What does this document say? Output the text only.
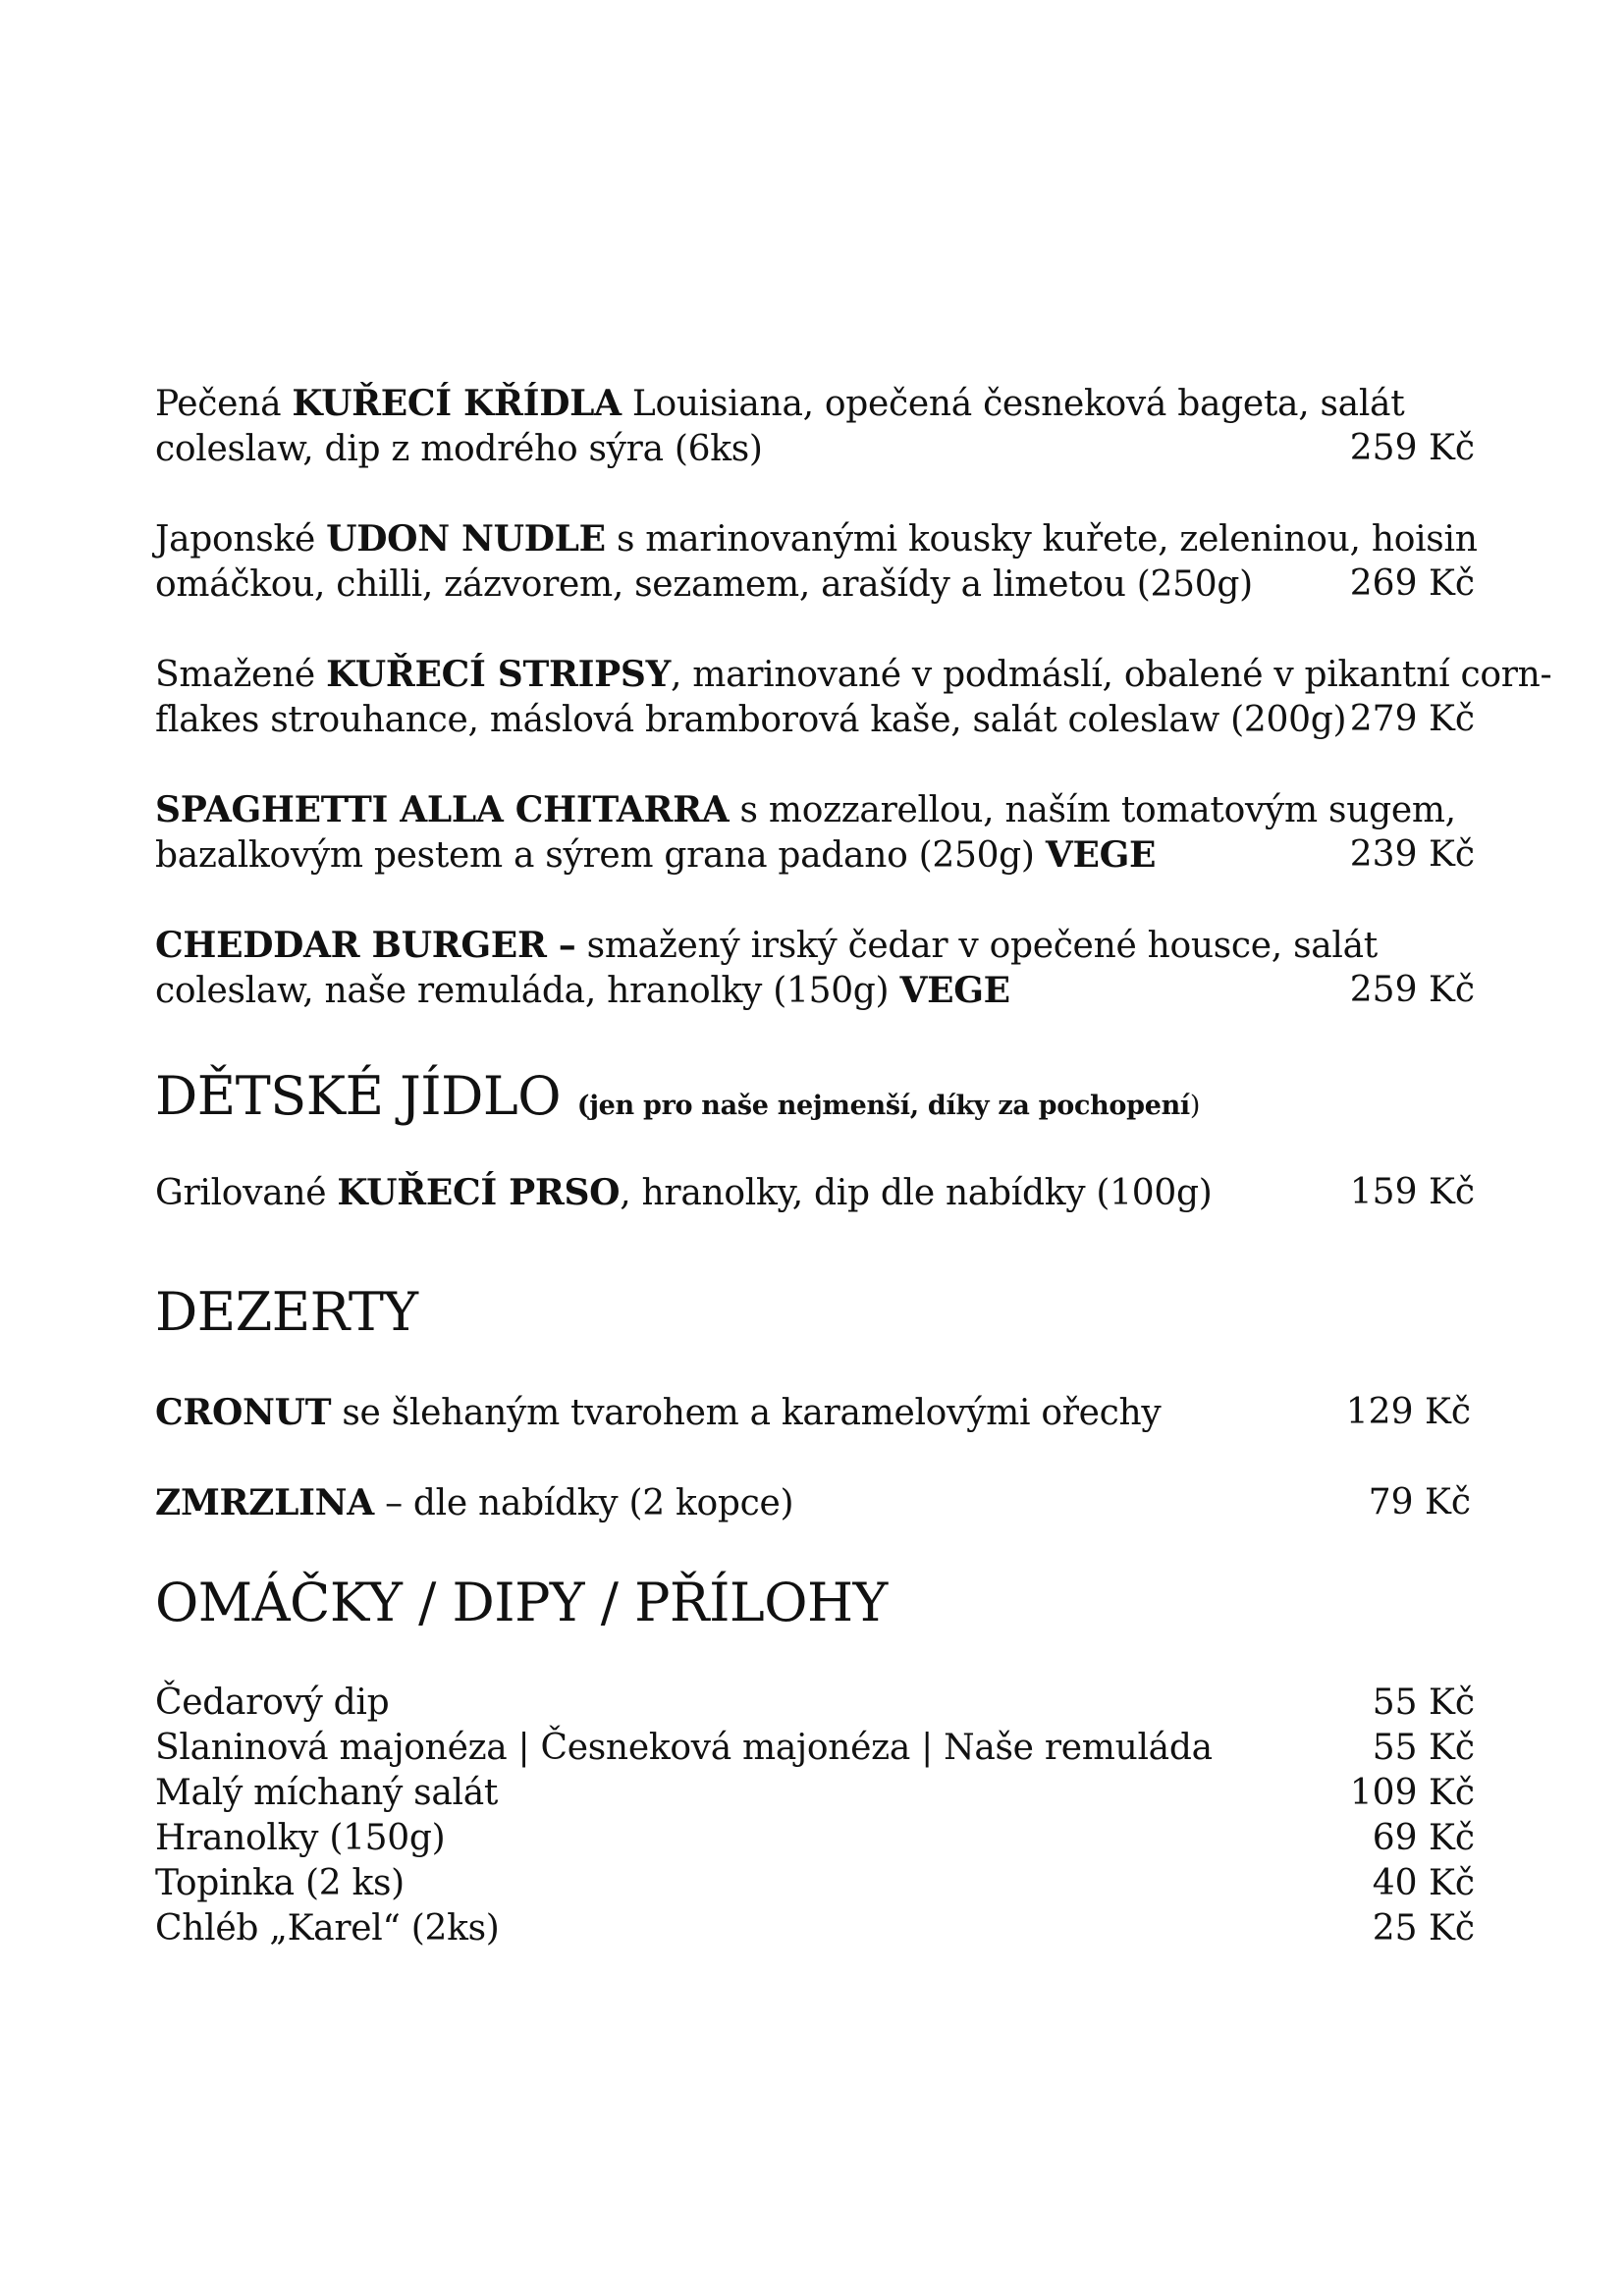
Pečená KUŘECÍ KŘÍDLA Louisiana, opečená česneková bageta, salát
coleslaw, dip z modrého sýra (6ks)	259 Kč
Japonské UDON NUDLE s marinovanými kousky kuřete, zeleninou, hoisin
omáčkou, chilli, zázvorem, sezamem, arašídy a limetou (250g)	269 Kč
Smažené KUŘECÍ STRIPSY, marinované v podmáslí, obalené v pikantní corn-
flakes strouhance, máslová bramborová kaše, salát coleslaw (200g) 279 Kč
SPAGHETTI ALLA CHITARRA s mozzarellou, naším tomatovým sugem,
bazalkovým pestem a sýrem grana padano (250g) VEGE	239 Kč
CHEDDAR BURGER – smažený irský čedar v opečené housce, salát
coleslaw, naše remuláda, hranolky (150g) VEGE	259 Kč
DĚTSKÉ JÍDLO (jen pro naše nejmenší, díky za pochopení)
Grilované KUŘECÍ PRSO, hranolky, dip dle nabídky (100g)	159 Kč
DEZERTY
CRONUT se šlehaným tvarohem a karamelovými ořechy	129 Kč
ZMRZLINA – dle nabídky (2 kopce)	79 Kč
OMÁČKY / DIPY / PŘÍLOHY
Čedarový dip	55 Kč
Slaninová majonéza | Česneková majonéza | Naše remuláda	55 Kč
Malý míchaný salát	109 Kč
Hranolky (150g)	69 Kč
Topinka (2 ks)	40 Kč
Chléb „Karel“ (2ks)	25 Kč
